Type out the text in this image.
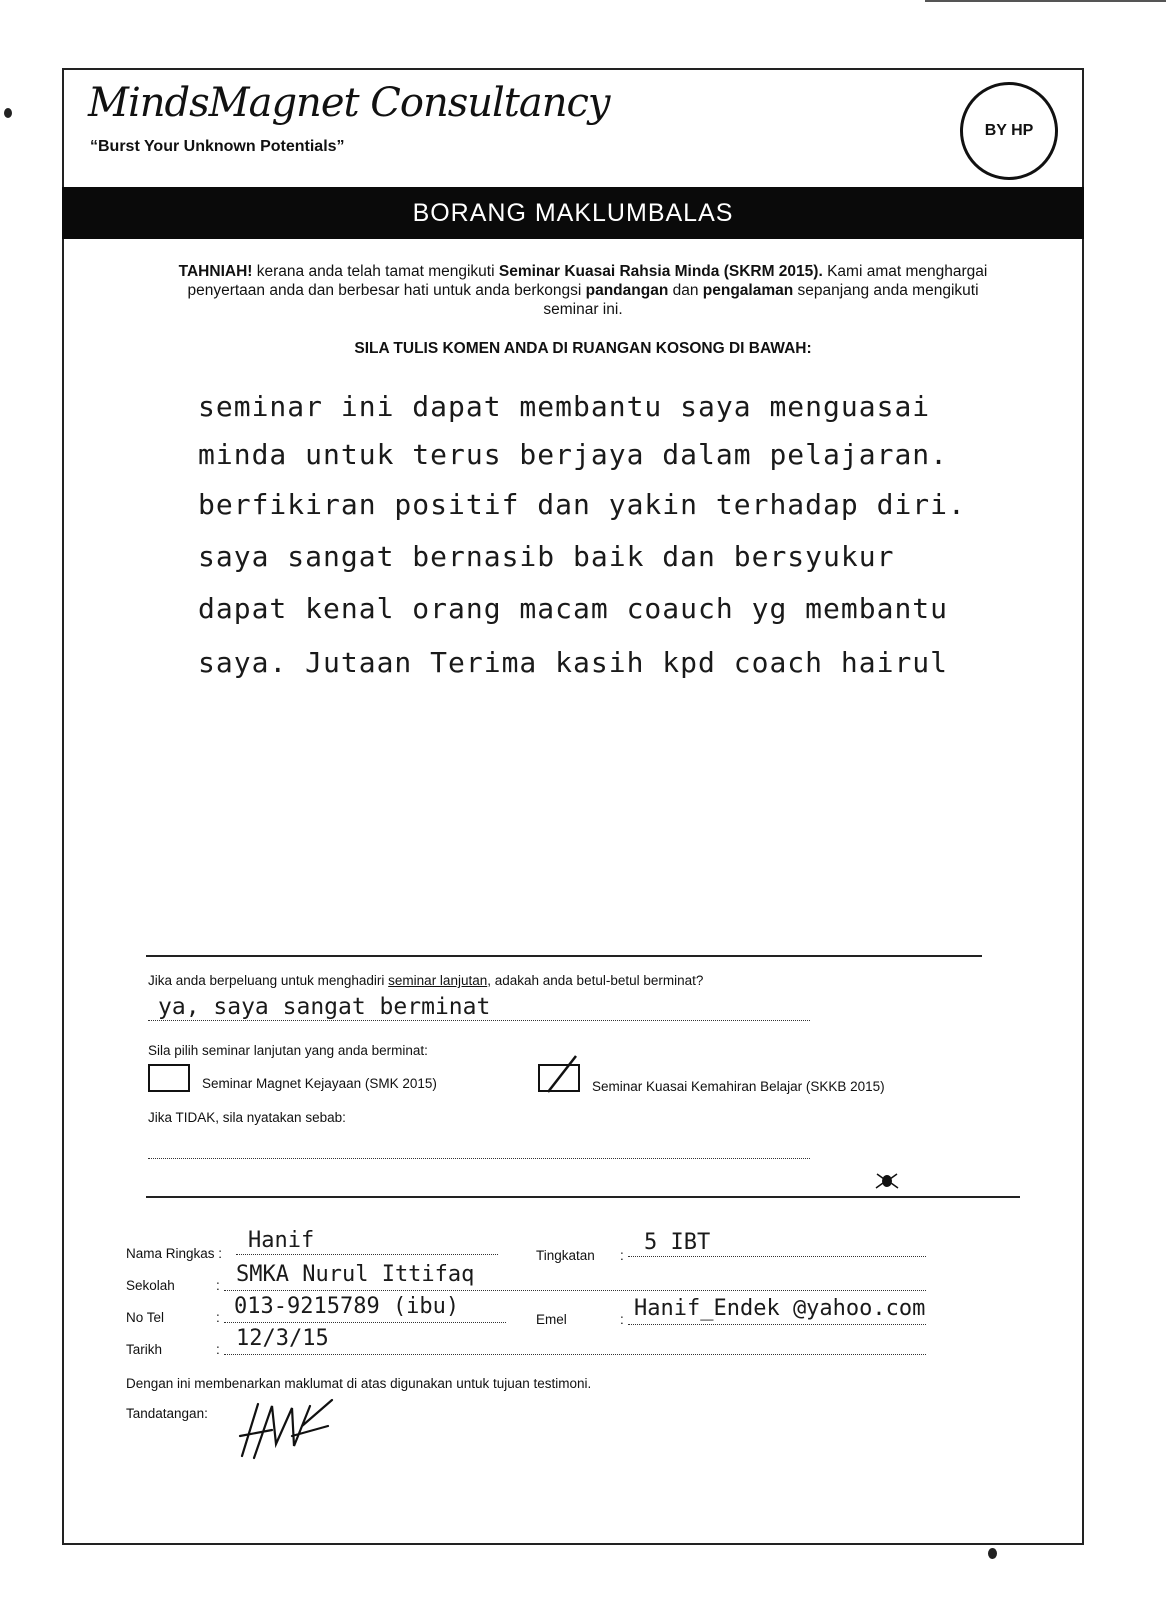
MindsMagnet Consultancy
“Burst Your Unknown Potentials”
BY HP
BORANG MAKLUMBALAS
TAHNIAH! kerana anda telah tamat mengikuti Seminar Kuasai Rahsia Minda (SKRM 2015). Kami amat menghargai penyertaan anda dan berbesar hati untuk anda berkongsi pandangan dan pengalaman sepanjang anda mengikuti seminar ini.
SILA TULIS KOMEN ANDA DI RUANGAN KOSONG DI BAWAH:
seminar ini dapat membantu saya menguasai
minda untuk terus berjaya dalam pelajaran.
berfikiran positif dan yakin terhadap diri.
saya sangat bernasib baik dan bersyukur
dapat kenal orang macam coauch yg membantu
saya. Jutaan Terima kasih kpd coach hairul
Jika anda berpeluang untuk menghadiri seminar lanjutan, adakah anda betul-betul berminat?
ya, saya sangat berminat
Sila pilih seminar lanjutan yang anda berminat:
Seminar Magnet Kejayaan (SMK 2015)	Seminar Kuasai Kemahiran Belajar (SKKB 2015)
Jika TIDAK, sila nyatakan sebab:
Nama Ringkas :
Hanif
Tingkatan :
5 IBT
Sekolah	: SMKA Nurul Ittifaq
No Tel	: 013-9215789 (ibu)
Emel	: Hanif_Endek @yahoo.com
Tarikh	: 12/3/15
Dengan ini membenarkan maklumat di atas digunakan untuk tujuan testimoni.
Tandatangan:
